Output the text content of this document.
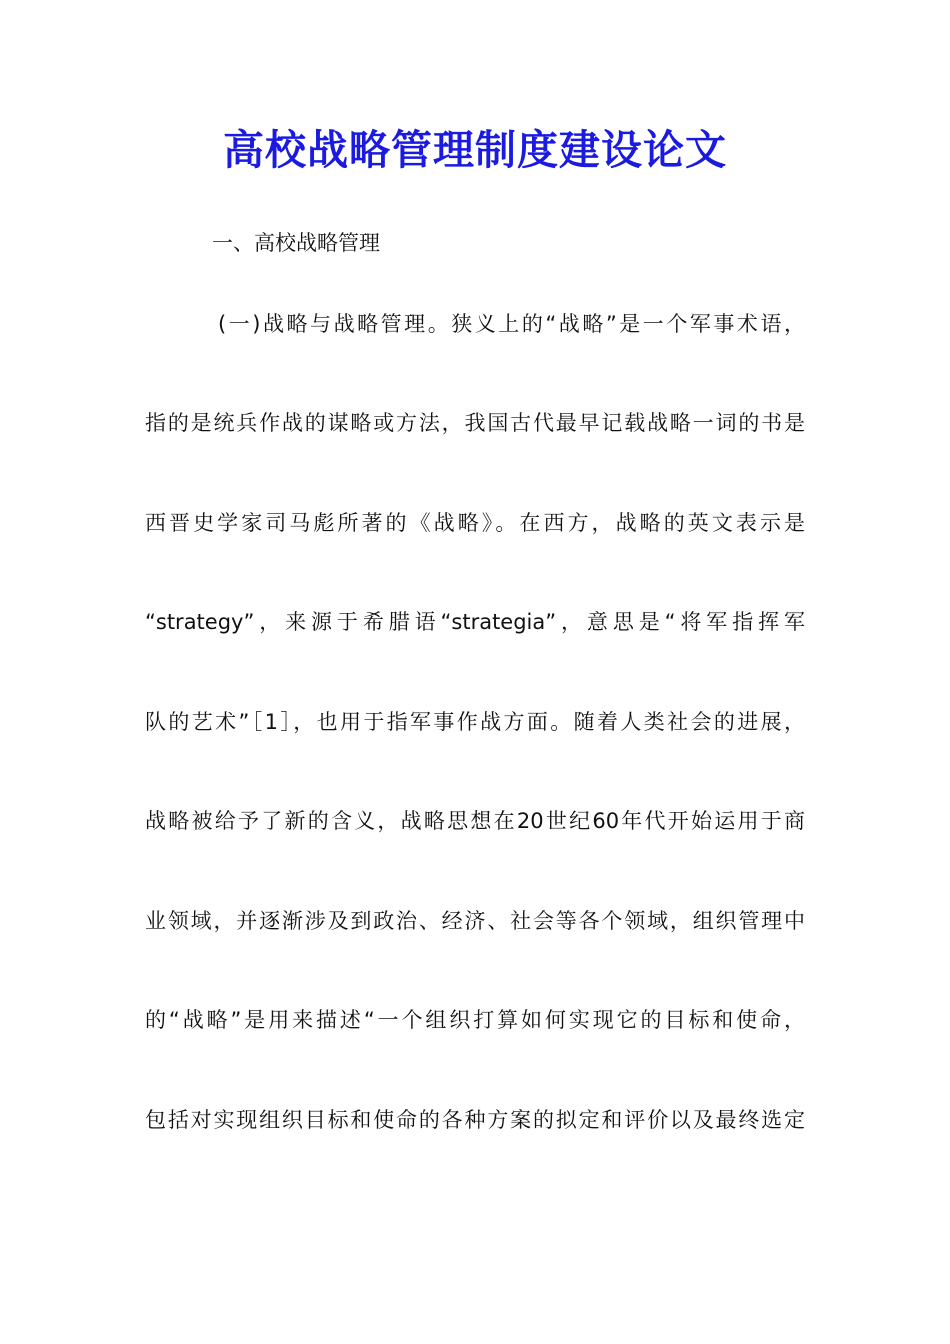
高校战略管理制度建设论文
一、高校战略管理
(一)战略与战略管理。狭义上的“战略”是一个军事术语，
指的是统兵作战的谋略或方法，我国古代最早记载战略一词的书是
西晋史学家司马彪所著的《战略》。在西方，战略的英文表示是
“strategy”，来源于希腊语“strategia”，意思是“将军指挥军
队的艺术”［1］，也用于指军事作战方面。随着人类社会的进展，
战略被给予了新的含义，战略思想在20世纪60年代开始运用于商
业领域，并逐渐涉及到政治、经济、社会等各个领域，组织管理中
的“战略”是用来描述“一个组织打算如何实现它的目标和使命，
包括对实现组织目标和使命的各种方案的拟定和评价以及最终选定
